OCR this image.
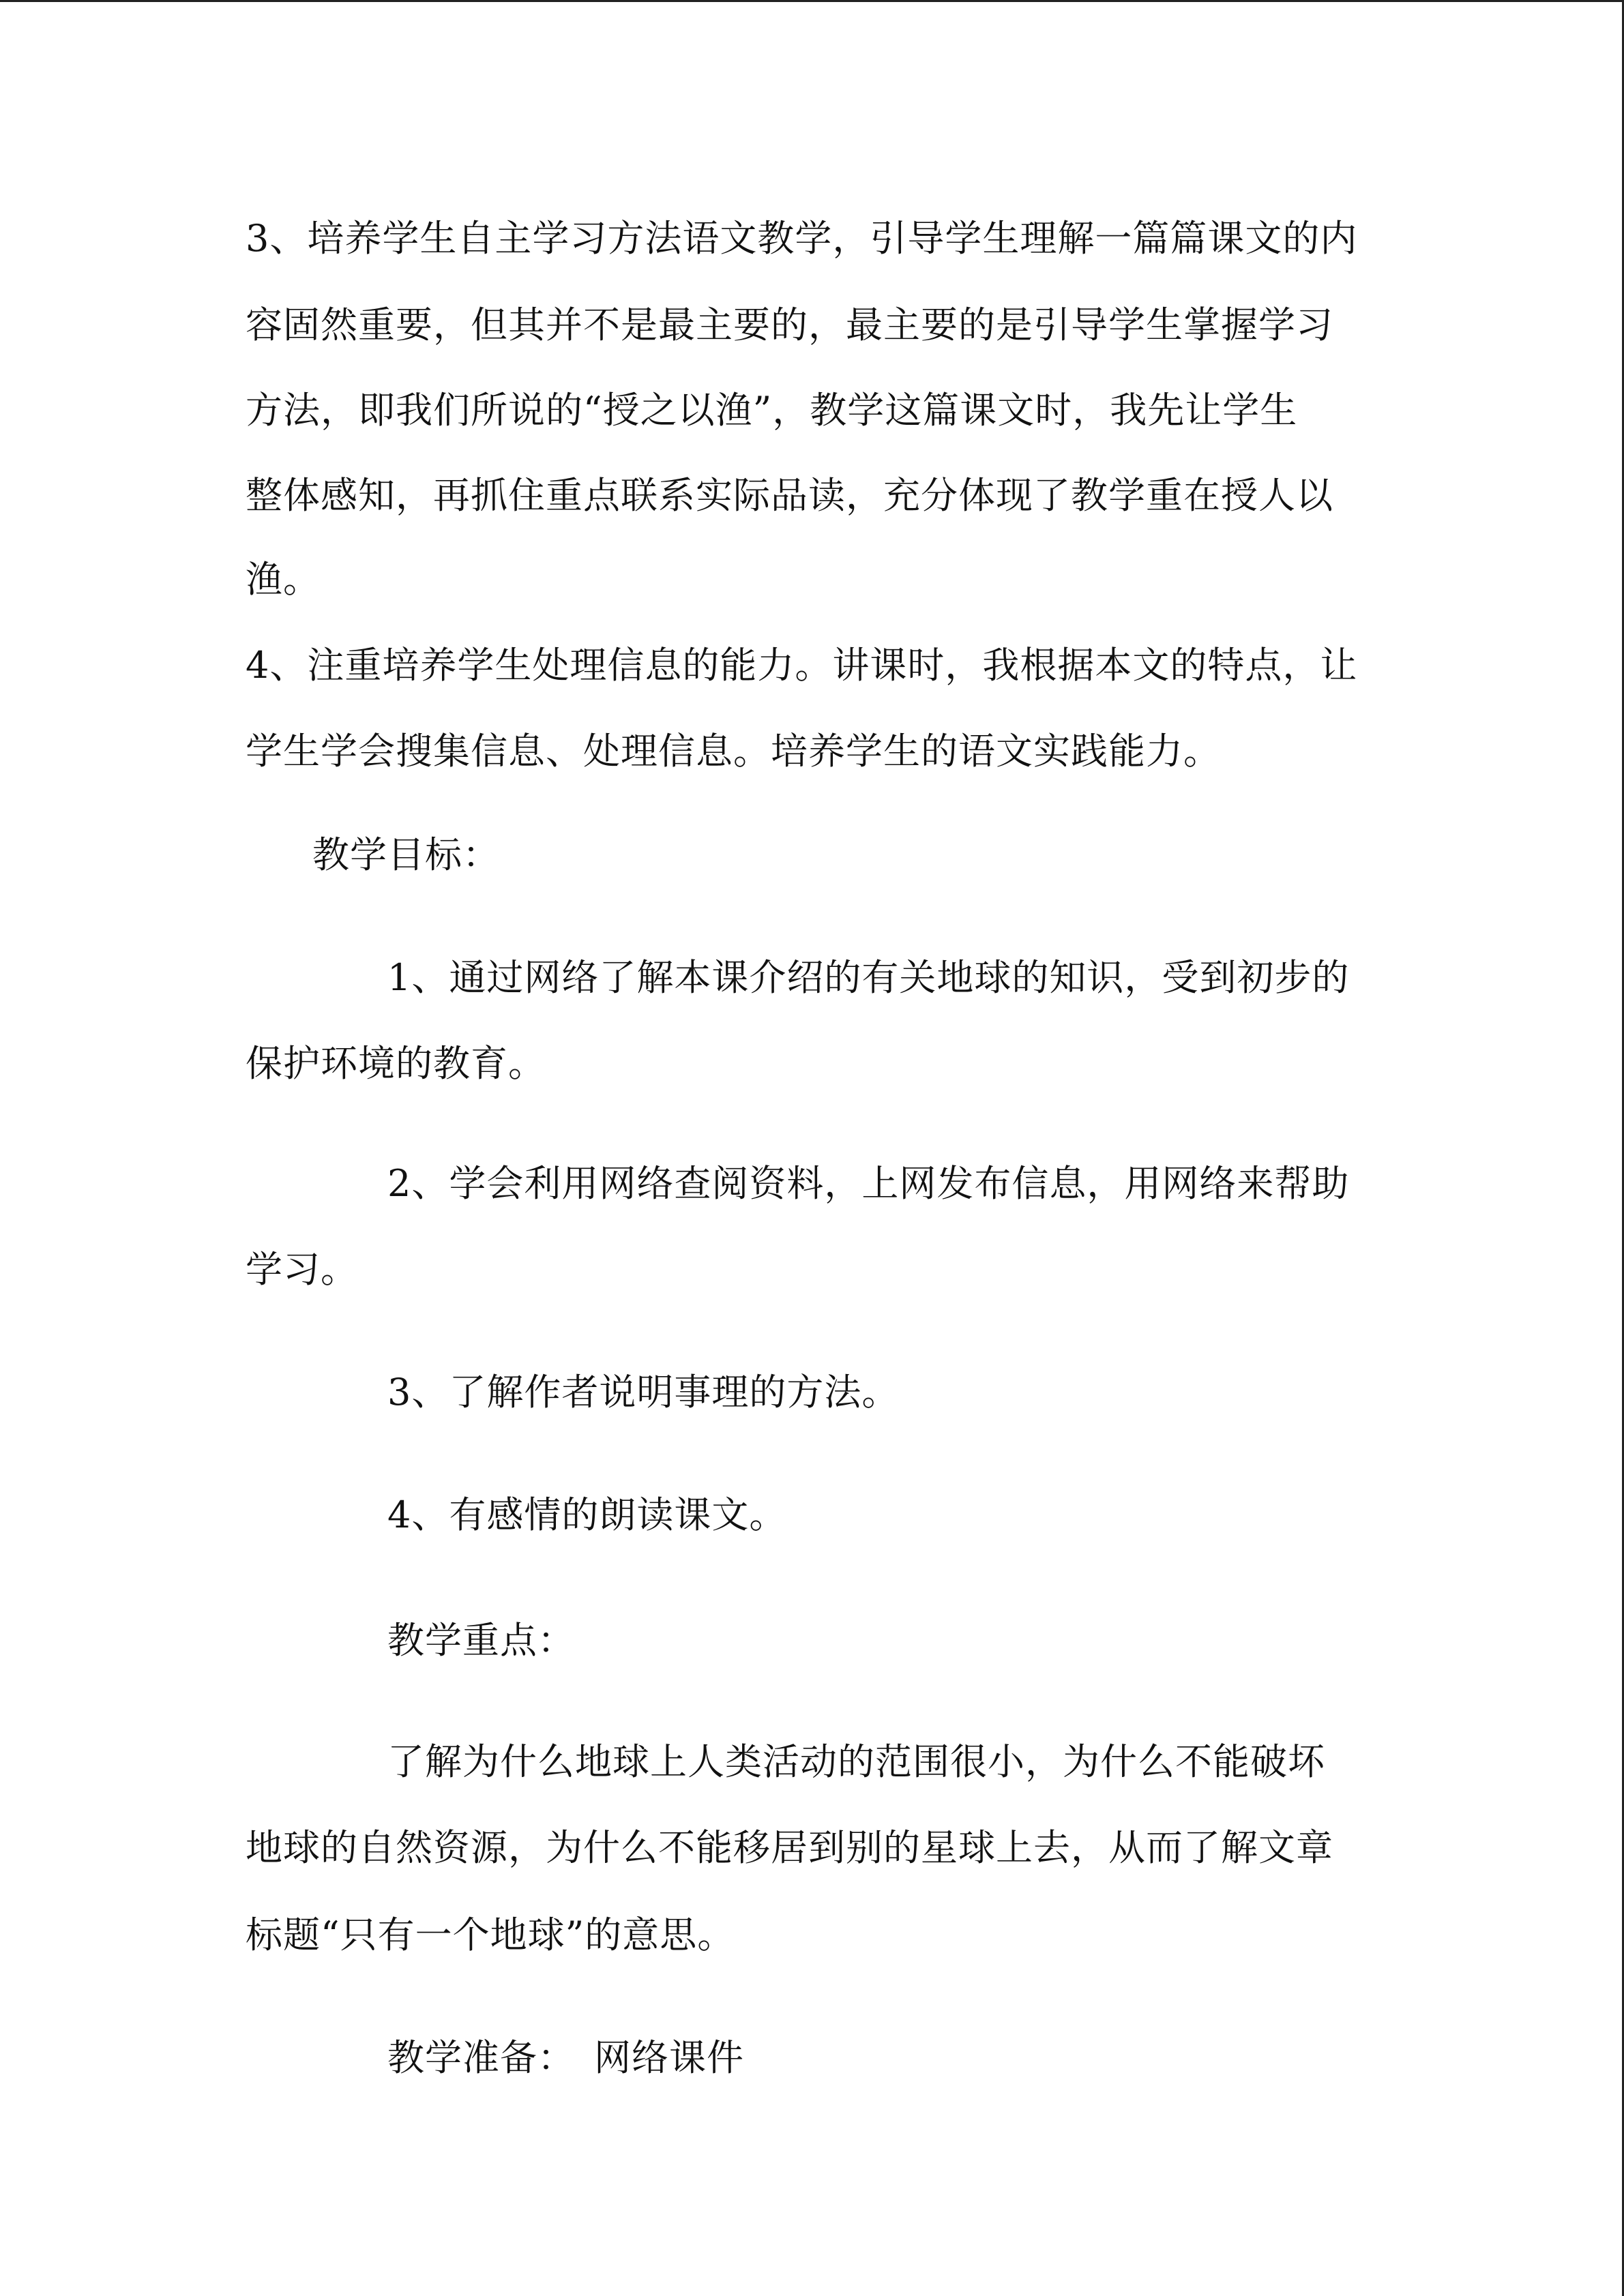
3、培养学生自主学习方法语文教学，引导学生理解一篇篇课文的内
容固然重要，但其并不是最主要的，最主要的是引导学生掌握学习
方法，即我们所说的“授之以渔”，教学这篇课文时，我先让学生
整体感知，再抓住重点联系实际品读，充分体现了教学重在授人以
渔。
4、注重培养学生处理信息的能力。讲课时，我根据本文的特点，让
学生学会搜集信息、处理信息。培养学生的语文实践能力。
教学目标：
1、通过网络了解本课介绍的有关地球的知识，受到初步的
保护环境的教育。
2、学会利用网络查阅资料，上网发布信息，用网络来帮助
学习。
3、了解作者说明事理的方法。
4、有感情的朗读课文。
教学重点：
了解为什么地球上人类活动的范围很小，为什么不能破坏
地球的自然资源，为什么不能移居到别的星球上去，从而了解文章
标题“只有一个地球”的意思。
教学准备：　网络课件
